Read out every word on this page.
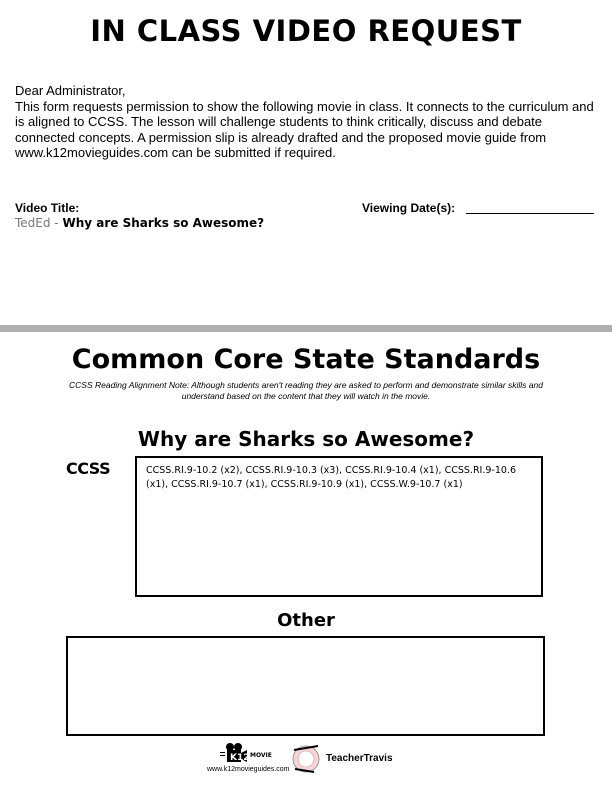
IN CLASS VIDEO REQUEST

Dear Administrator,

This form requests permission to show the following movie in class. It connects to the curriculum and is aligned to CCSS. The lesson will challenge students to think critically, discuss and debate connected concepts. A permission slip is already drafted and the proposed movie guide from www.k12movieguides.com can be submitted if required.

Video Title:
TedEd - Why are Sharks so Awesome?
Viewing Date(s):
Common Core State Standards
CCSS Reading Alignment Note: Although students aren't reading they are asked to perform and demonstrate similar skills and understand based on the content that they will watch in the movie.
Why are Sharks so Awesome?
CCSS	CCSS.RI.9-10.2 (x2), CCSS.RI.9-10.3 (x3), CCSS.RI.9-10.4 (x1), CCSS.RI.9-10.6 (x1), CCSS.RI.9-10.7 (x1), CCSS.RI.9-10.9 (x1), CCSS.W.9-10.7 (x1)
Other
K12 MOVIE
www.k12movieguides.com
TeacherTravis
